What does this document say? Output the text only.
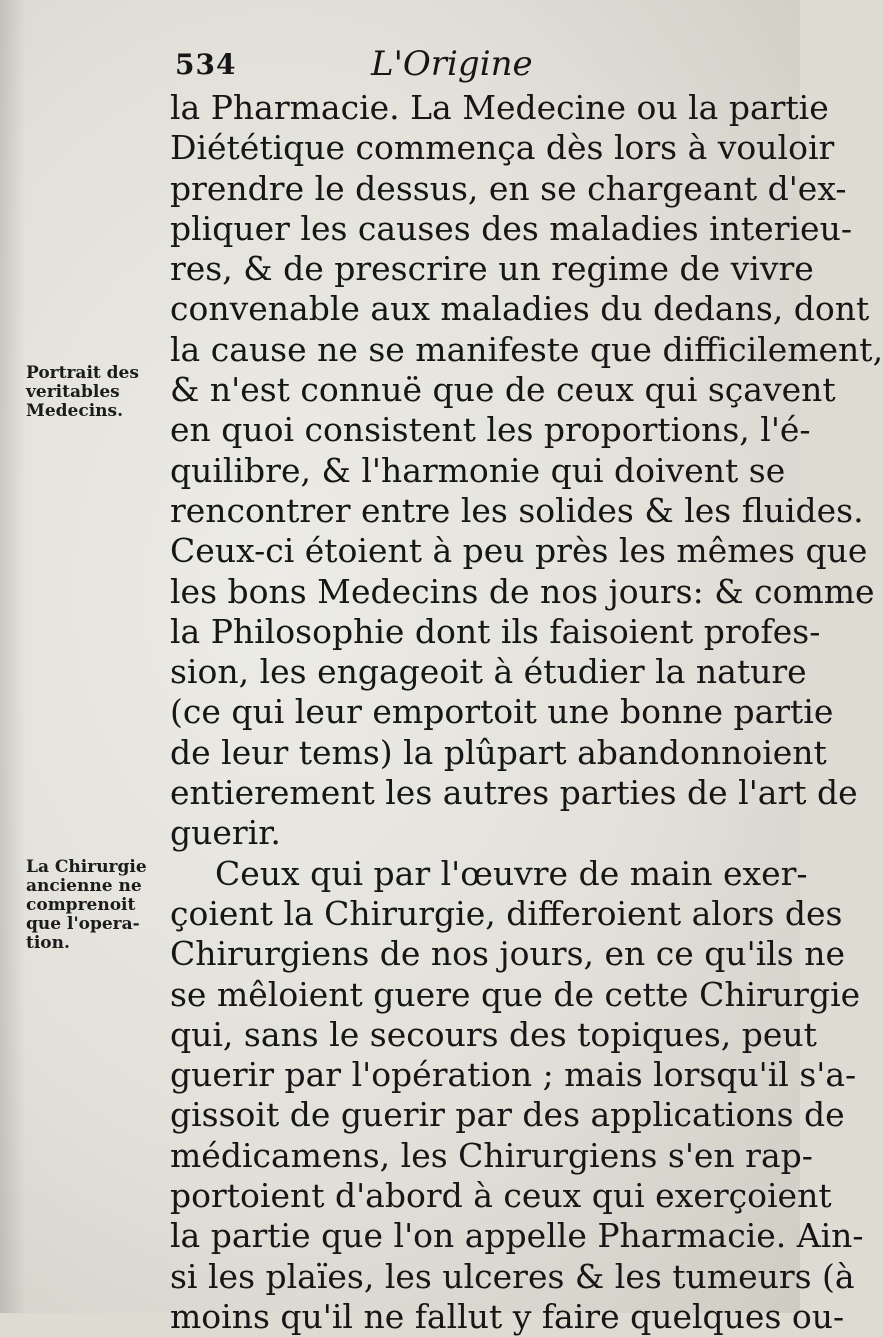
534	L'Origine
Portrait des
veritables
Medecins.
La Chirurgie
ancienne ne
comprenoit
que l'opera-
tion.
la Pharmacie. La Medecine ou la partie
Diététique commença dès lors à vouloir
prendre le dessus, en se chargeant d'ex-
pliquer les causes des maladies interieu-
res, & de prescrire un regime de vivre
convenable aux maladies du dedans, dont
la cause ne se manifeste que difficilement,
& n'est connuë que de ceux qui sçavent
en quoi consistent les proportions, l'é-
quilibre, & l'harmonie qui doivent se
rencontrer entre les solides & les fluides.
Ceux-ci étoient à peu près les mêmes que
les bons Medecins de nos jours: & comme
la Philosophie dont ils faisoient profes-
sion, les engageoit à étudier la nature
(ce qui leur emportoit une bonne partie
de leur tems) la plûpart abandonnoient
entierement les autres parties de l'art de
guerir.
Ceux qui par l'œuvre de main exer-
çoient la Chirurgie, differoient alors des
Chirurgiens de nos jours, en ce qu'ils ne
se mêloient guere que de cette Chirurgie
qui, sans le secours des topiques, peut
guerir par l'opération ; mais lorsqu'il s'a-
gissoit de guerir par des applications de
médicamens, les Chirurgiens s'en rap-
portoient d'abord à ceux qui exerçoient
la partie que l'on appelle Pharmacie. Ain-
si les plaïes, les ulceres & les tumeurs (à
moins qu'il ne fallut y faire quelques ou-
